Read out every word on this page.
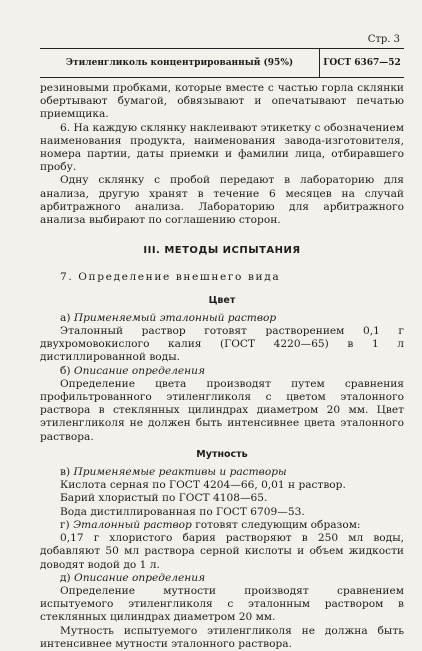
Стр. 3
Этиленгликоль концентрированный (95%)	ГОСТ 6367—52

резиновыми пробками, которые вместе с частью горла склянки обертывают бумагой, обвязывают и опечатывают печатью приемщика.

6. На каждую склянку наклеивают этикетку с обозначением наименования продукта, наименования завода-изготовителя, номера партии, даты приемки и фамилии лица, отбиравшего пробу.

Одну склянку с пробой передают в лабораторию для анализа, другую хранят в течение 6 месяцев на случай арбитражного анализа. Лабораторию для арбитражного анализа выбирают по соглашению сторон.

III. МЕТОДЫ ИСПЫТАНИЯ

7. Определение внешнего вида

Цвет

а) Применяемый эталонный раствор

Эталонный раствор готовят растворением 0,1 г двухромовокислого калия (ГОСТ 4220—65) в 1 л дистиллированной воды.

б) Описание определения

Определение цвета производят путем сравнения профильтрованного этиленгликоля с цветом эталонного раствора в стеклянных цилиндрах диаметром 20 мм. Цвет этиленгликоля не должен быть интенсивнее цвета эталонного раствора.

Мутность

в) Применяемые реактивы и растворы

Кислота серная по ГОСТ 4204—66, 0,01 н раствор.

Барий хлористый по ГОСТ 4108—65.

Вода дистиллированная по ГОСТ 6709—53.

г) Эталонный раствор готовят следующим образом:

0,17 г хлористого бария растворяют в 250 мл воды, добавляют 50 мл раствора серной кислоты и объем жидкости доводят водой до 1 л.

д) Описание определения

Определение мутности производят сравнением испытуемого этиленгликоля с эталонным раствором в стеклянных цилиндрах диаметром 20 мм.

Мутность испытуемого этиленгликоля не должна быть интенсивнее мутности эталонного раствора.
